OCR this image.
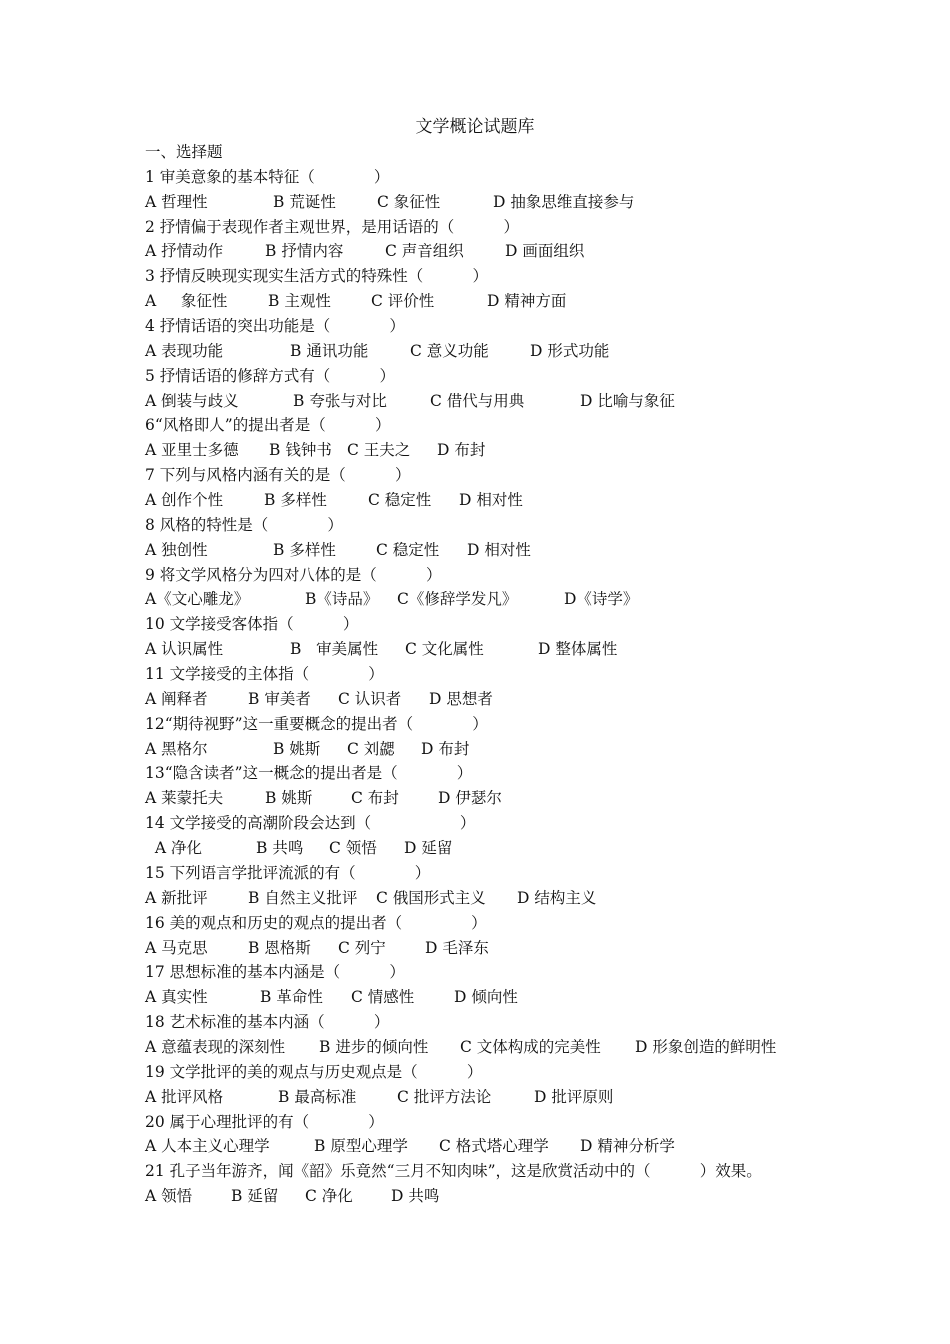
文学概论试题库
一、选择题
1 审美意象的基本特征（            ）
A 哲理性	B 荒诞性	C 象征性	D 抽象思维直接参与
2 抒情偏于表现作者主观世界，是用话语的（          ）
A 抒情动作	B 抒情内容	C 声音组织	D 画面组织
3 抒情反映现实现实生活方式的特殊性（          ）
A     象征性	B 主观性	C 评价性	D 精神方面
4 抒情话语的突出功能是（            ）
A 表现功能	B 通讯功能	C 意义功能	D 形式功能
5 抒情话语的修辞方式有（          ）
A 倒装与歧义	B 夸张与对比	C 借代与用典	D 比喻与象征
6“风格即人”的提出者是（          ）
A 亚里士多德 B 钱钟书 C 王夫之 D 布封
7 下列与风格内涵有关的是（          ）
A 创作个性	B 多样性	C 稳定性 D 相对性
8 风格的特性是（            ）
A 独创性	B 多样性	C 稳定性 D 相对性
9 将文学风格分为四对八体的是（          ）
A《文心雕龙》	B《诗品》 C《修辞学发凡》	D《诗学》
10 文学接受客体指（          ）
A 认识属性	B   审美属性 C 文化属性	D 整体属性
11 文学接受的主体指（            ）
A 阐释者	B 审美者 C 认识者 D 思想者
12“期待视野”这一重要概念的提出者（            ）
A 黑格尔	B 姚斯 C 刘勰 D 布封
13“隐含读者”这一概念的提出者是（            ）
A 莱蒙托夫	B 姚斯 C 布封	D 伊瑟尔
14 文学接受的高潮阶段会达到（                  ）
A 净化	B 共鸣 C 领悟 D 延留
15 下列语言学批评流派的有（            ）
A 新批评	B 自然主义批评 C 俄国形式主义 D 结构主义
16 美的观点和历史的观点的提出者（              ）
A 马克思	B 恩格斯 C 列宁	D 毛泽东
17 思想标准的基本内涵是（          ）
A 真实性	B 革命性 C 情感性	D 倾向性
18 艺术标准的基本内涵（          ）
A 意蕴表现的深刻性 B 进步的倾向性 C 文体构成的完美性 D 形象创造的鲜明性
19 文学批评的美的观点与历史观点是（          ）
A 批评风格	B 最高标准	C 批评方法论	D 批评原则
20 属于心理批评的有（            ）
A 人本主义心理学	B 原型心理学 C 格式塔心理学 D 精神分析学
21 孔子当年游齐，闻《韶》乐竟然“三月不知肉味”，这是欣赏活动中的（          ）效果。
A 领悟	B 延留 C 净化 D 共鸣
